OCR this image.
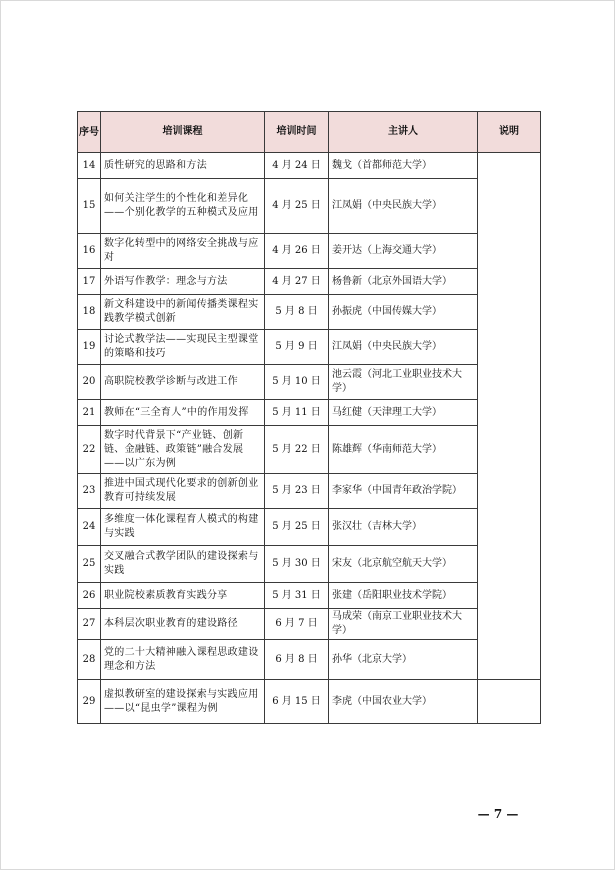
序号	培训课程	培训时间	主讲人	说明
14	质性研究的思路和方法	4 月 24 日	魏戈（首都师范大学）	
15	如何关注学生的个性化和差异化——个别化教学的五种模式及应用	4 月 25 日	江凤娟（中央民族大学）	
16	数字化转型中的网络安全挑战与应对	4 月 26 日	姜开达（上海交通大学）	
17	外语写作教学：理念与方法	4 月 27 日	杨鲁新（北京外国语大学）	
18	新文科建设中的新闻传播类课程实践教学模式创新	5 月 8 日	孙振虎（中国传媒大学）	
19	讨论式教学法——实现民主型课堂的策略和技巧	5 月 9 日	江凤娟（中央民族大学）	
20	高职院校教学诊断与改进工作	5 月 10 日	池云霞（河北工业职业技术大学）	
21	教师在“三全育人”中的作用发挥	5 月 11 日	马红健（天津理工大学）	
22	数字时代背景下“产业链、创新链、金融链、政策链”融合发展——以广东为例	5 月 22 日	陈雄辉（华南师范大学）	
23	推进中国式现代化要求的创新创业教育可持续发展	5 月 23 日	李家华（中国青年政治学院）	
24	多维度一体化课程育人模式的构建与实践	5 月 25 日	张汉壮（吉林大学）	
25	交叉融合式教学团队的建设探索与实践	5 月 30 日	宋友（北京航空航天大学）	
26	职业院校素质教育实践分享	5 月 31 日	张建（岳阳职业技术学院）	
27	本科层次职业教育的建设路径	6 月 7 日	马成荣（南京工业职业技术大学）	
28	党的二十大精神融入课程思政建设理念和方法	6 月 8 日	孙华（北京大学）	
29	虚拟教研室的建设探索与实践应用——以“昆虫学”课程为例	6 月 15 日	李虎（中国农业大学）	
— 7 —
